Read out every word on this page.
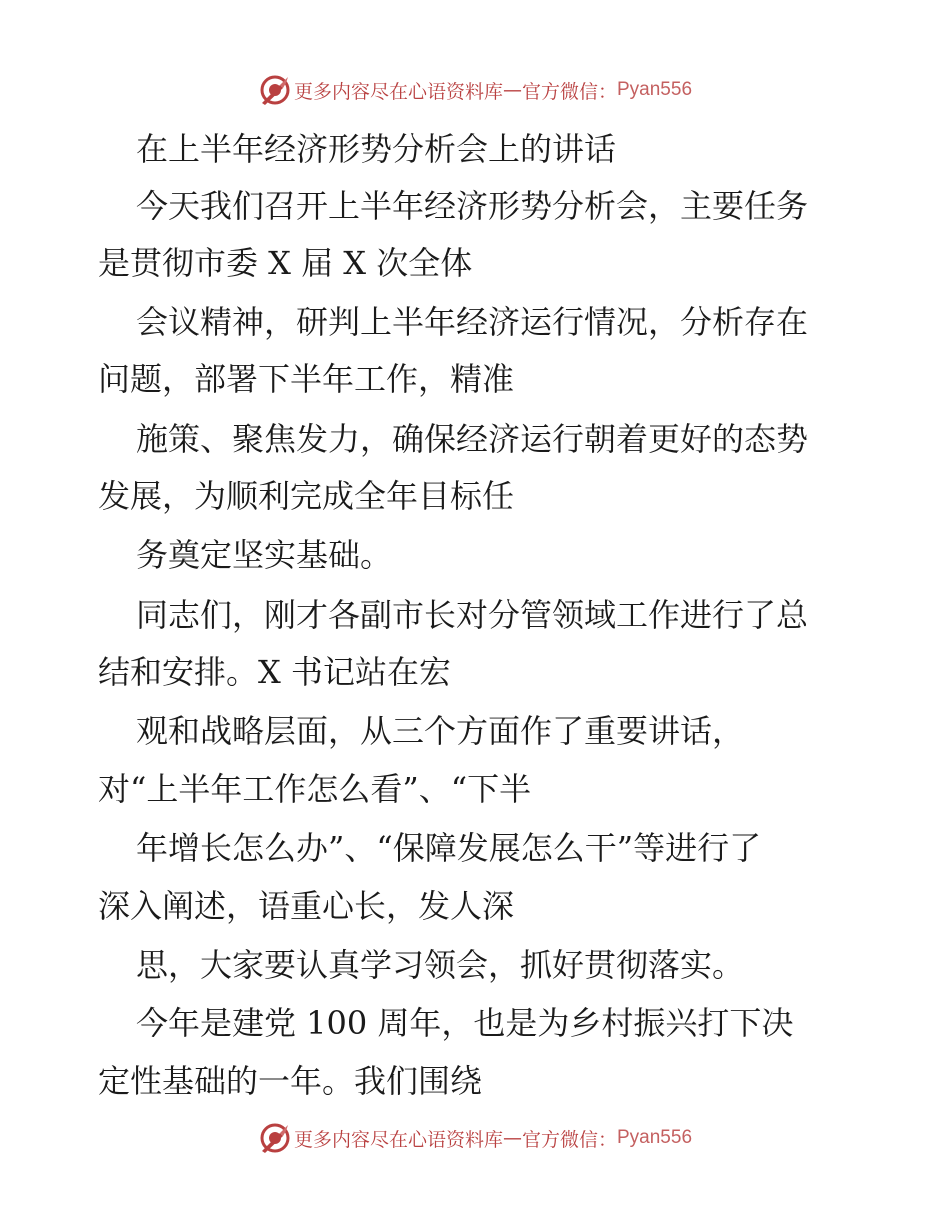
更多内容尽在心语资料库 — 官方微信： Pyan556
在上半年经济形势分析会上的讲话
今天我们召开上半年经济形势分析会，主要任务
是贯彻市委 X 届 X 次全体
会议精神，研判上半年经济运行情况，分析存在
问题，部署下半年工作，精准
施策、聚焦发力，确保经济运行朝着更好的态势
发展，为顺利完成全年目标任
务奠定坚实基础。
同志们，刚才各副市长对分管领域工作进行了总
结和安排。X 书记站在宏
观和战略层面，从三个方面作了重要讲话，
对“上半年工作怎么看”、“下半
年增长怎么办”、“保障发展怎么干”等进行了
深入阐述，语重心长，发人深
思，大家要认真学习领会，抓好贯彻落实。
今年是建党 100 周年，也是为乡村振兴打下决
定性基础的一年。我们围绕
更多内容尽在心语资料库 — 官方微信： Pyan556
